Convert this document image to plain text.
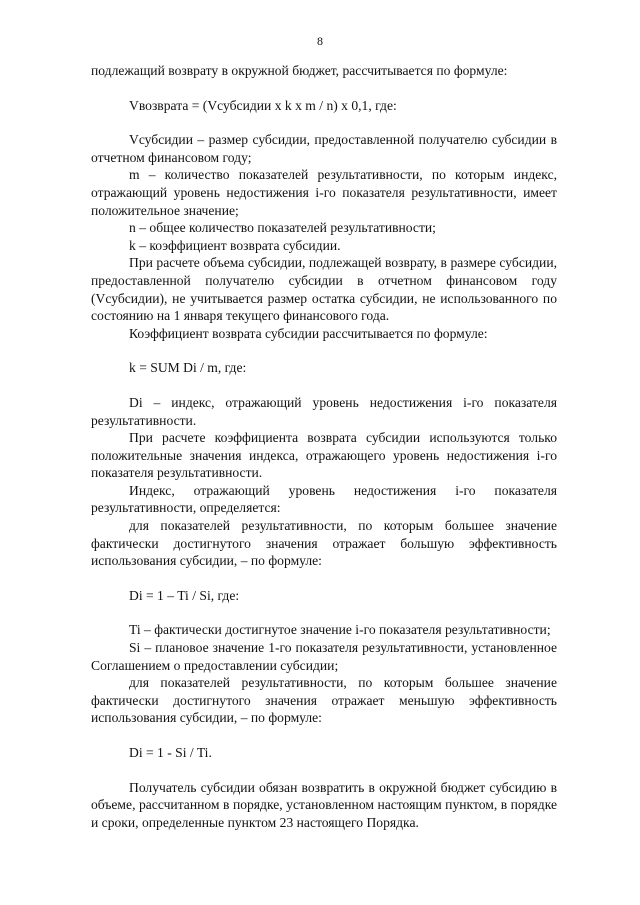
8

подлежащий возврату в окружной бюджет, рассчитывается по формуле:

Vвозврата = (Vсубсидии x k x m / n) x 0,1, где:

Vсубсидии – размер субсидии, предоставленной получателю субсидии в отчетном финансовом году;

m – количество показателей результативности, по которым индекс, отражающий уровень недостижения i-го показателя результативности, имеет положительное значение;

n – общее количество показателей результативности;

k – коэффициент возврата субсидии.

При расчете объема субсидии, подлежащей возврату, в размере субсидии, предоставленной получателю субсидии в отчетном финансовом году (Vсубсидии), не учитывается размер остатка субсидии, не использованного по состоянию на 1 января текущего финансового года.

Коэффициент возврата субсидии рассчитывается по формуле:

k = SUM Di / m, где:

Di – индекс, отражающий уровень недостижения i-го показателя результативности.

При расчете коэффициента возврата субсидии используются только положительные значения индекса, отражающего уровень недостижения i-го показателя результативности.

Индекс, отражающий уровень недостижения i-го показателя результативности, определяется:

для показателей результативности, по которым большее значение фактически достигнутого значения отражает большую эффективность использования субсидии, – по формуле:

Di = 1 – Ti / Si, где:

Ti – фактически достигнутое значение i-го показателя результативности;

Si – плановое значение 1-го показателя результативности, установленное Соглашением о предоставлении субсидии;

для показателей результативности, по которым большее значение фактически достигнутого значения отражает меньшую эффективность использования субсидии, – по формуле:

Di = 1 - Si / Ti.

Получатель субсидии обязан возвратить в окружной бюджет субсидию в объеме, рассчитанном в порядке, установленном настоящим пунктом, в порядке и сроки, определенные пунктом 23 настоящего Порядка.
